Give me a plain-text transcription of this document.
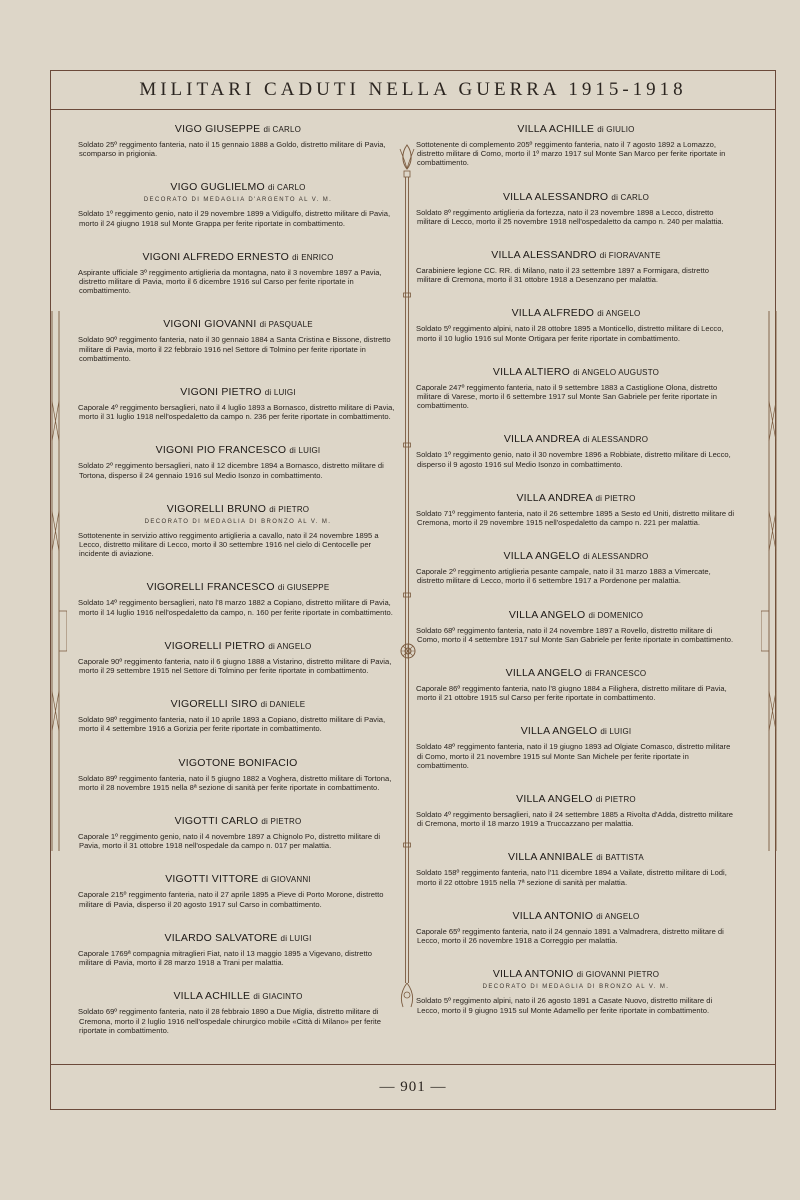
MILITARI CADUTI NELLA GUERRA 1915-1918
VIGO GIUSEPPE di CARLO
Soldato 25º reggimento fanteria, nato il 15 gennaio 1888 a Goldo, distretto militare di Pavia, scomparso in prigionia.
VIGO GUGLIELMO di CARLO
DECORATO DI MEDAGLIA D'ARGENTO AL V. M.
Soldato 1º reggimento genio, nato il 29 novembre 1899 a Vidigulfo, distretto militare di Pavia, morto il 24 giugno 1918 sul Monte Grappa per ferite riportate in combattimento.
VIGONI ALFREDO ERNESTO di ENRICO
Aspirante ufficiale 3º reggimento artiglieria da montagna, nato il 3 novembre 1897 a Pavia, distretto militare di Pavia, morto il 6 dicembre 1916 sul Carso per ferite riportate in combattimento.
VIGONI GIOVANNI di PASQUALE
Soldato 90º reggimento fanteria, nato il 30 gennaio 1884 a Santa Cristina e Bissone, distretto militare di Pavia, morto il 22 febbraio 1916 nel Settore di Tolmino per ferite riportate in combattimento.
VIGONI PIETRO di LUIGI
Caporale 4º reggimento bersaglieri, nato il 4 luglio 1893 a Bornasco, distretto militare di Pavia, morto il 31 luglio 1918 nell'ospedaletto da campo n. 236 per ferite riportate in combattimento.
VIGONI PIO FRANCESCO di LUIGI
Soldato 2º reggimento bersaglieri, nato il 12 dicembre 1894 a Bornasco, distretto militare di Tortona, disperso il 24 gennaio 1916 sul Medio Isonzo in combattimento.
VIGORELLI BRUNO di PIETRO
DECORATO DI MEDAGLIA DI BRONZO AL V. M.
Sottotenente in servizio attivo reggimento artiglieria a cavallo, nato il 24 novembre 1895 a Lecco, distretto militare di Lecco, morto il 30 settembre 1916 nel cielo di Centocelle per incidente di aviazione.
VIGORELLI FRANCESCO di GIUSEPPE
Soldato 14º reggimento bersaglieri, nato l'8 marzo 1882 a Copiano, distretto militare di Pavia, morto il 14 luglio 1916 nell'ospedaletto da campo, n. 160 per ferite riportate in combattimento.
VIGORELLI PIETRO di ANGELO
Caporale 90º reggimento fanteria, nato il 6 giugno 1888 a Vistarino, distretto militare di Pavia, morto il 29 settembre 1915 nel Settore di Tolmino per ferite riportate in combattimento.
VIGORELLI SIRO di DANIELE
Soldato 98º reggimento fanteria, nato il 10 aprile 1893 a Copiano, distretto militare di Pavia, morto il 4 settembre 1916 a Gorizia per ferite riportate in combattimento.
VIGOTONE BONIFACIO
Soldato 89º reggimento fanteria, nato il 5 giugno 1882 a Voghera, distretto militare di Tortona, morto il 28 novembre 1915 nella 8ª sezione di sanità per ferite riportate in combattimento.
VIGOTTI CARLO di PIETRO
Caporale 1º reggimento genio, nato il 4 novembre 1897 a Chignolo Po, distretto militare di Pavia, morto il 31 ottobre 1918 nell'ospedale da campo n. 017 per malattia.
VIGOTTI VITTORE di GIOVANNI
Caporale 215º reggimento fanteria, nato il 27 aprile 1895 a Pieve di Porto Morone, distretto militare di Pavia, disperso il 20 agosto 1917 sul Carso in combattimento.
VILARDO SALVATORE di LUIGI
Caporale 1769ª compagnia mitraglieri Fiat, nato il 13 maggio 1895 a Vigevano, distretto militare di Pavia, morto il 28 marzo 1918 a Trani per malattia.
VILLA ACHILLE di GIACINTO
Soldato 69º reggimento fanteria, nato il 28 febbraio 1890 a Due Miglia, distretto militare di Cremona, morto il 2 luglio 1916 nell'ospedale chirurgico mobile «Città di Milano» per ferite riportate in combattimento.
VILLA ACHILLE di GIULIO
Sottotenente di complemento 205º reggimento fanteria, nato il 7 agosto 1892 a Lomazzo, distretto militare di Como, morto il 1º marzo 1917 sul Monte San Marco per ferite riportate in combattimento.
VILLA ALESSANDRO di CARLO
Soldato 8º reggimento artiglieria da fortezza, nato il 23 novembre 1898 a Lecco, distretto militare di Lecco, morto il 25 novembre 1918 nell'ospedaletto da campo n. 240 per malattia.
VILLA ALESSANDRO di FIORAVANTE
Carabiniere legione CC. RR. di Milano, nato il 23 settembre 1897 a Formigara, distretto militare di Cremona, morto il 31 ottobre 1918 a Desenzano per malattia.
VILLA ALFREDO di ANGELO
Soldato 5º reggimento alpini, nato il 28 ottobre 1895 a Monticello, distretto militare di Lecco, morto il 10 luglio 1916 sul Monte Ortigara per ferite riportate in combattimento.
VILLA ALTIERO di ANGELO AUGUSTO
Caporale 247º reggimento fanteria, nato il 9 settembre 1883 a Castiglione Olona, distretto militare di Varese, morto il 6 settembre 1917 sul Monte San Gabriele per ferite riportate in combattimento.
VILLA ANDREA di ALESSANDRO
Soldato 1º reggimento genio, nato il 30 novembre 1896 a Robbiate, distretto militare di Lecco, disperso il 9 agosto 1916 sul Medio Isonzo in combattimento.
VILLA ANDREA di PIETRO
Soldato 71º reggimento fanteria, nato il 26 settembre 1895 a Sesto ed Uniti, distretto militare di Cremona, morto il 29 novembre 1915 nell'ospedaletto da campo n. 221 per malattia.
VILLA ANGELO di ALESSANDRO
Caporale 2º reggimento artiglieria pesante campale, nato il 31 marzo 1883 a Vimercate, distretto militare di Lecco, morto il 6 settembre 1917 a Pordenone per malattia.
VILLA ANGELO di DOMENICO
Soldato 68º reggimento fanteria, nato il 24 novembre 1897 a Rovello, distretto militare di Como, morto il 4 settembre 1917 sul Monte San Gabriele per ferite riportate in combattimento.
VILLA ANGELO di FRANCESCO
Caporale 86º reggimento fanteria, nato l'8 giugno 1884 a Filighera, distretto militare di Pavia, morto il 21 ottobre 1915 sul Carso per ferite riportate in combattimento.
VILLA ANGELO di LUIGI
Soldato 48º reggimento fanteria, nato il 19 giugno 1893 ad Olgiate Comasco, distretto militare di Como, morto il 21 novembre 1915 sul Monte San Michele per ferite riportate in combattimento.
VILLA ANGELO di PIETRO
Soldato 4º reggimento bersaglieri, nato il 24 settembre 1885 a Rivolta d'Adda, distretto militare di Cremona, morto il 18 marzo 1919 a Truccazzano per malattia.
VILLA ANNIBALE di BATTISTA
Soldato 158º reggimento fanteria, nato l'11 dicembre 1894 a Vailate, distretto militare di Lodi, morto il 22 ottobre 1915 nella 7ª sezione di sanità per malattia.
VILLA ANTONIO di ANGELO
Caporale 65º reggimento fanteria, nato il 24 gennaio 1891 a Valmadrera, distretto militare di Lecco, morto il 26 novembre 1918 a Correggio per malattia.
VILLA ANTONIO di GIOVANNI PIETRO
DECORATO DI MEDAGLIA DI BRONZO AL V. M.
Soldato 5º reggimento alpini, nato il 26 agosto 1891 a Casate Nuovo, distretto militare di Lecco, morto il 9 giugno 1915 sul Monte Adamello per ferite riportate in combattimento.
— 901 —
